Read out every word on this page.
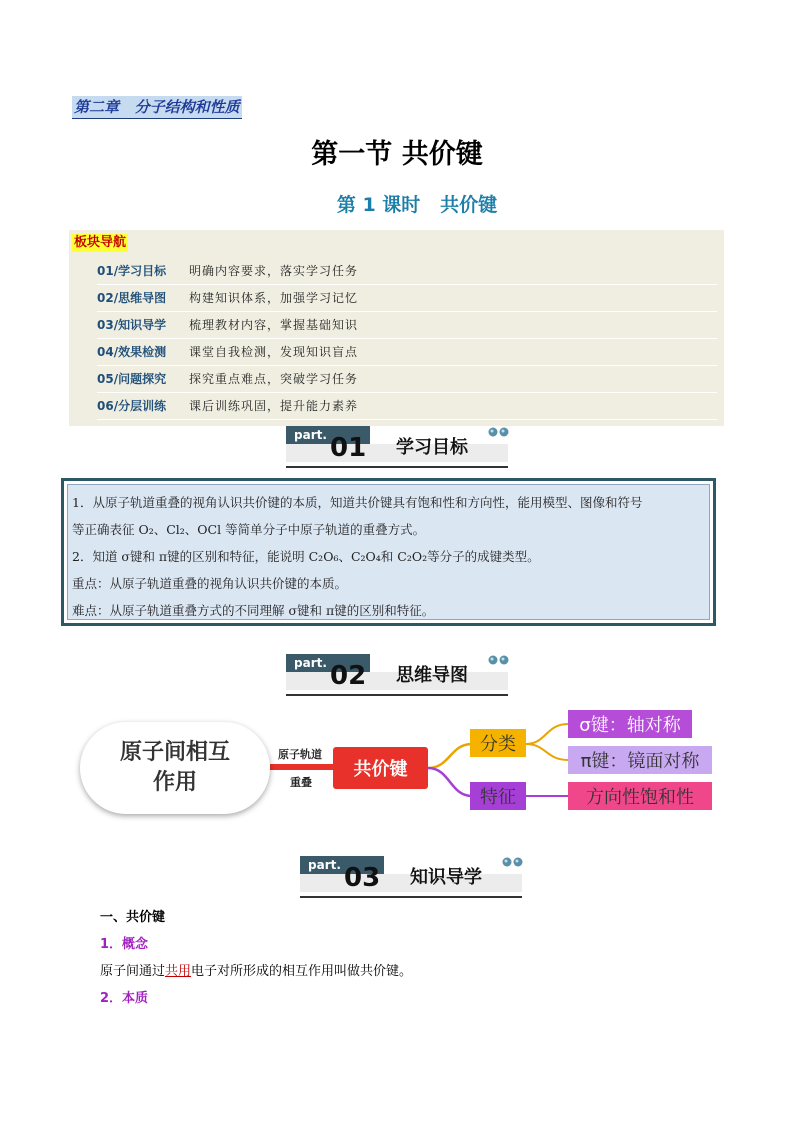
第二章   分子结构和性质
第一节 共价键
第 1 课时   共价键
板块导航
01/学习目标 明确内容要求，落实学习任务
02/思维导图 构建知识体系，加强学习记忆
03/知识导学 梳理教材内容，掌握基础知识
04/效果检测 课堂自我检测，发现知识盲点
05/问题探究 探究重点难点，突破学习任务
06/分层训练 课后训练巩固，提升能力素养
part. 01 学习目标

1．从原子轨道重叠的视角认识共价键的本质，知道共价键具有饱和性和方向性，能用模型、图像和符号

等正确表征 O₂、Cl₂、OCl 等简单分子中原子轨道的重叠方式。

2．知道 σ键和 π键的区别和特征，能说明 C₂O₆、C₂O₄和 C₂O₂等分子的成键类型。

重点：从原子轨道重叠的视角认识共价键的本质。

难点：从原子轨道重叠方式的不同理解 σ键和 π键的区别和特征。

part. 02 思维导图
原子间相互
作用
原子轨道
重叠
共价键
分类
特征
σ键：轴对称
π键：镜面对称
方向性饱和性
part. 03 知识导学
一、共价键
1．概念
原子间通过共用电子对所形成的相互作用叫做共价键。
2．本质
